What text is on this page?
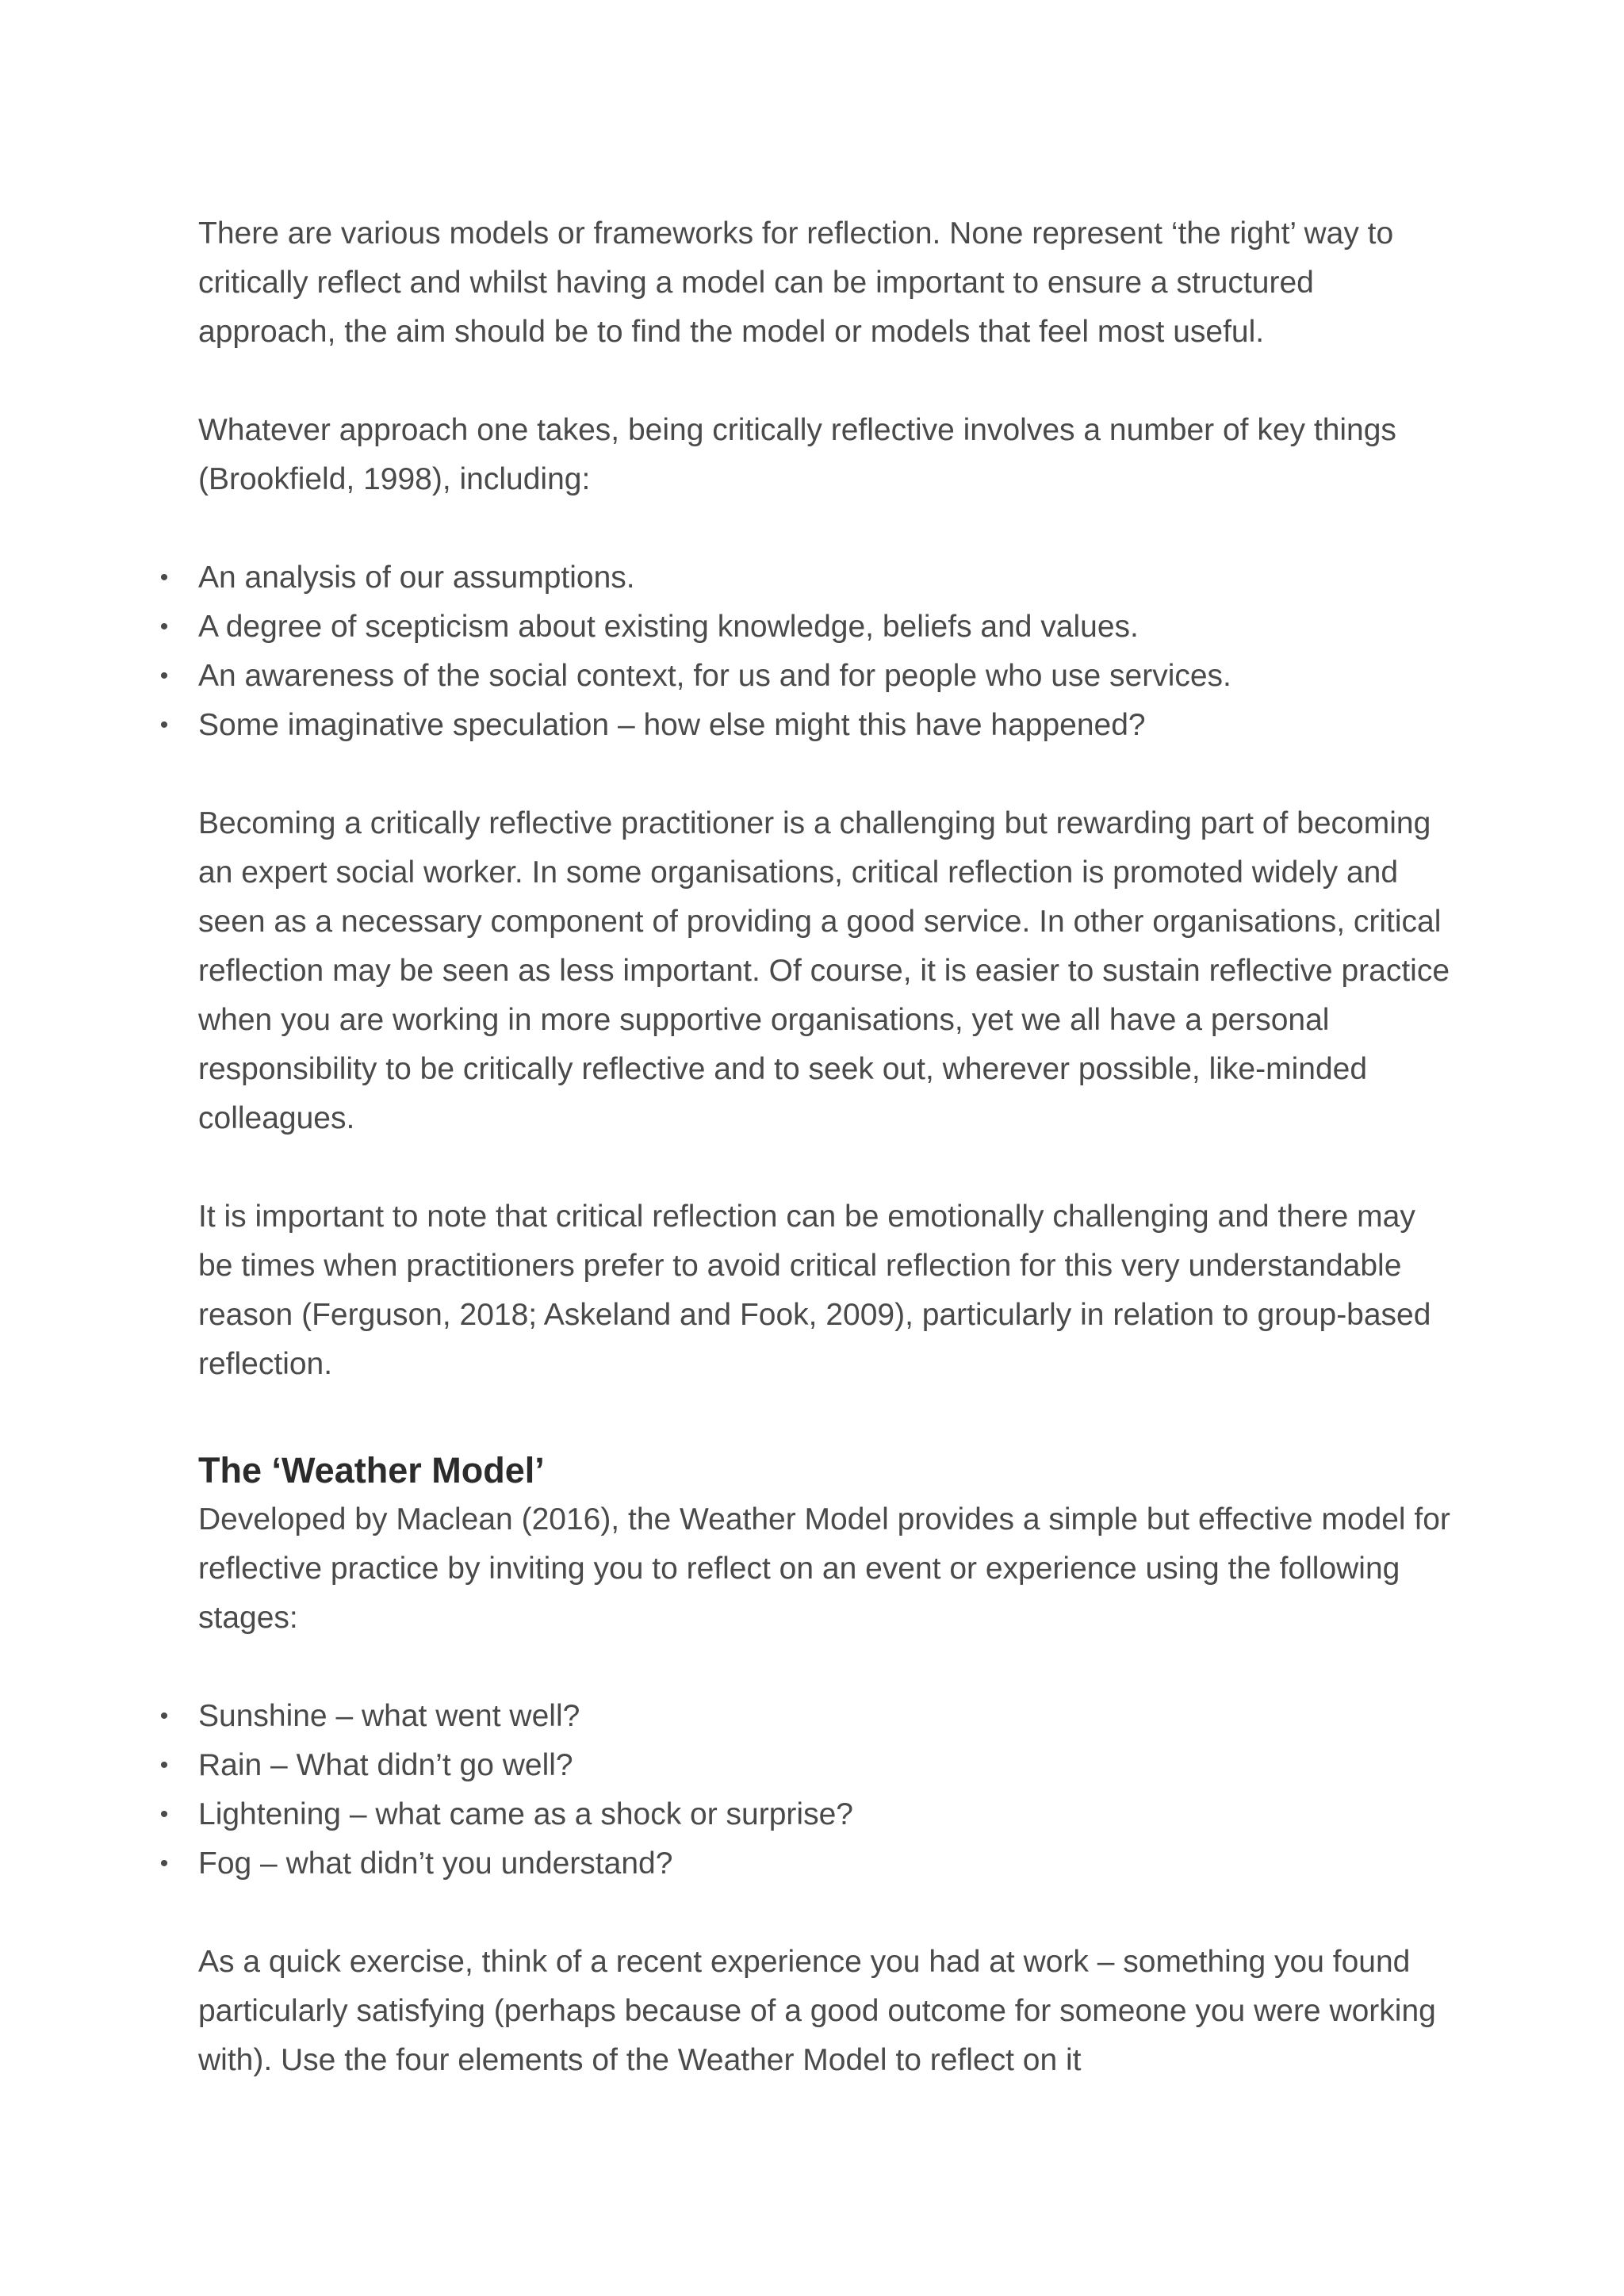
There are various models or frameworks for reflection. None represent ‘the right’ way to critically reflect and whilst having a model can be important to ensure a structured approach, the aim should be to find the model or models that feel most useful.

Whatever approach one takes, being critically reflective involves a number of key things (Brookfield, 1998), including:

• An analysis of our assumptions.
• A degree of scepticism about existing knowledge, beliefs and values.
• An awareness of the social context, for us and for people who use services.
• Some imaginative speculation – how else might this have happened?

Becoming a critically reflective practitioner is a challenging but rewarding part of becoming an expert social worker. In some organisations, critical reflection is promoted widely and seen as a necessary component of providing a good service. In other organisations, critical reflection may be seen as less important. Of course, it is easier to sustain reflective practice when you are working in more supportive organisations, yet we all have a personal responsibility to be critically reflective and to seek out, wherever possible, like-minded colleagues.

It is important to note that critical reflection can be emotionally challenging and there may be times when practitioners prefer to avoid critical reflection for this very understandable reason (Ferguson, 2018; Askeland and Fook, 2009), particularly in relation to group-based reflection.

The ‘Weather Model’

Developed by Maclean (2016), the Weather Model provides a simple but effective model for reflective practice by inviting you to reflect on an event or experience using the following stages:

• Sunshine – what went well?
• Rain – What didn’t go well?
• Lightening – what came as a shock or surprise?
• Fog – what didn’t you understand?

As a quick exercise, think of a recent experience you had at work – something you found particularly satisfying (perhaps because of a good outcome for someone you were working with). Use the four elements of the Weather Model to reflect on it
